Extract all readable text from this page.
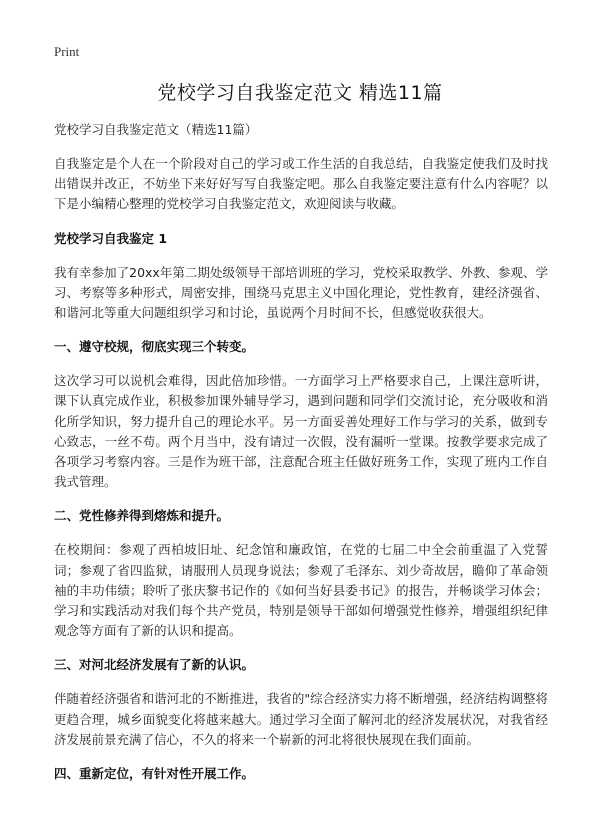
Print
党校学习自我鉴定范文 精选11篇
党校学习自我鉴定范文（精选11篇）

自我鉴定是个人在一个阶段对自己的学习或工作生活的自我总结，自我鉴定使我们及时找出错误并改正，不妨坐下来好好写写自我鉴定吧。那么自我鉴定要注意有什么内容呢？以下是小编精心整理的党校学习自我鉴定范文，欢迎阅读与收藏。

党校学习自我鉴定 1

我有幸参加了20xx年第二期处级领导干部培训班的学习，党校采取教学、外教、参观、学习、考察等多种形式，周密安排，围绕马克思主义中国化理论，党性教育，建经济强省、和谐河北等重大问题组织学习和讨论，虽说两个月时间不长，但感觉收获很大。

一、遵守校规，彻底实现三个转变。

这次学习可以说机会难得，因此倍加珍惜。一方面学习上严格要求自己，上课注意听讲，课下认真完成作业，积极参加课外辅导学习，遇到问题和同学们交流讨论，充分吸收和消化所学知识，努力提升自己的理论水平。另一方面妥善处理好工作与学习的关系，做到专心致志，一丝不苟。两个月当中，没有请过一次假，没有漏听一堂课。按教学要求完成了各项学习考察内容。三是作为班干部，注意配合班主任做好班务工作，实现了班内工作自我式管理。

二、党性修养得到熔炼和提升。

在校期间：参观了西柏坡旧址、纪念馆和廉政馆，在党的七届二中全会前重温了入党誓词；参观了省四监狱，请服刑人员现身说法；参观了毛泽东、刘少奇故居，瞻仰了革命领袖的丰功伟绩；聆听了张庆黎书记作的《如何当好县委书记》的报告，并畅谈学习体会；学习和实践活动对我们每个共产党员，特别是领导干部如何增强党性修养，增强组织纪律观念等方面有了新的认识和提高。

三、对河北经济发展有了新的认识。

伴随着经济强省和谐河北的不断推进，我省的"综合经济实力将不断增强，经济结构调整将更趋合理，城乡面貌变化将越来越大。通过学习全面了解河北的经济发展状况，对我省经济发展前景充满了信心，不久的将来一个崭新的河北将很快展现在我们面前。

四、重新定位，有针对性开展工作。
